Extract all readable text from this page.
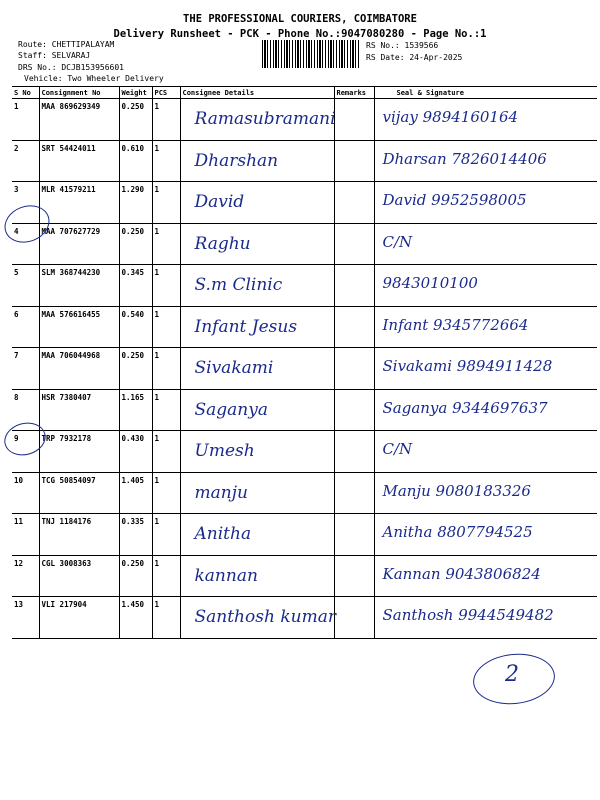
THE PROFESSIONAL COURIERS, COIMBATORE
Delivery Runsheet - PCK - Phone No.:9047080280 - Page No.:1
Route: CHETTIPALAYAM
Staff: SELVARAJ
DRS No.: DCJB153956601
Vehicle: Two Wheeler Delivery
RS No.: 1539566
RS Date: 24-Apr-2025
S No	Consignment No	Weight	PCS	Consignee Details	Remarks	Seal & Signature
1	MAA 869629349	0.250	1	Ramasubramani		vijay 9894160164

2	SRT 54424011	0.610	1	Dharshan		Dharsan 7826014406

3	MLR 41579211	1.290	1	David		David 9952598005

4	MAA 707627729	0.250	1	Raghu		C/N

5	SLM 368744230	0.345	1	S.m Clinic		9843010100

6	MAA 576616455	0.540	1	Infant Jesus		Infant 9345772664

7	MAA 706044968	0.250	1	Sivakami		Sivakami 9894911428

8	HSR 7380407	1.165	1	Saganya		Saganya 9344697637

9	TRP 7932178	0.430	1	Umesh		C/N

10	TCG 50854097	1.405	1	manju		Manju 9080183326

11	TNJ 1184176	0.335	1	Anitha		Anitha 8807794525

12	CGL 3008363	0.250	1	kannan		Kannan 9043806824

13	VLI 217904	1.450	1	Santhosh kumar		Santhosh 9944549482
2
